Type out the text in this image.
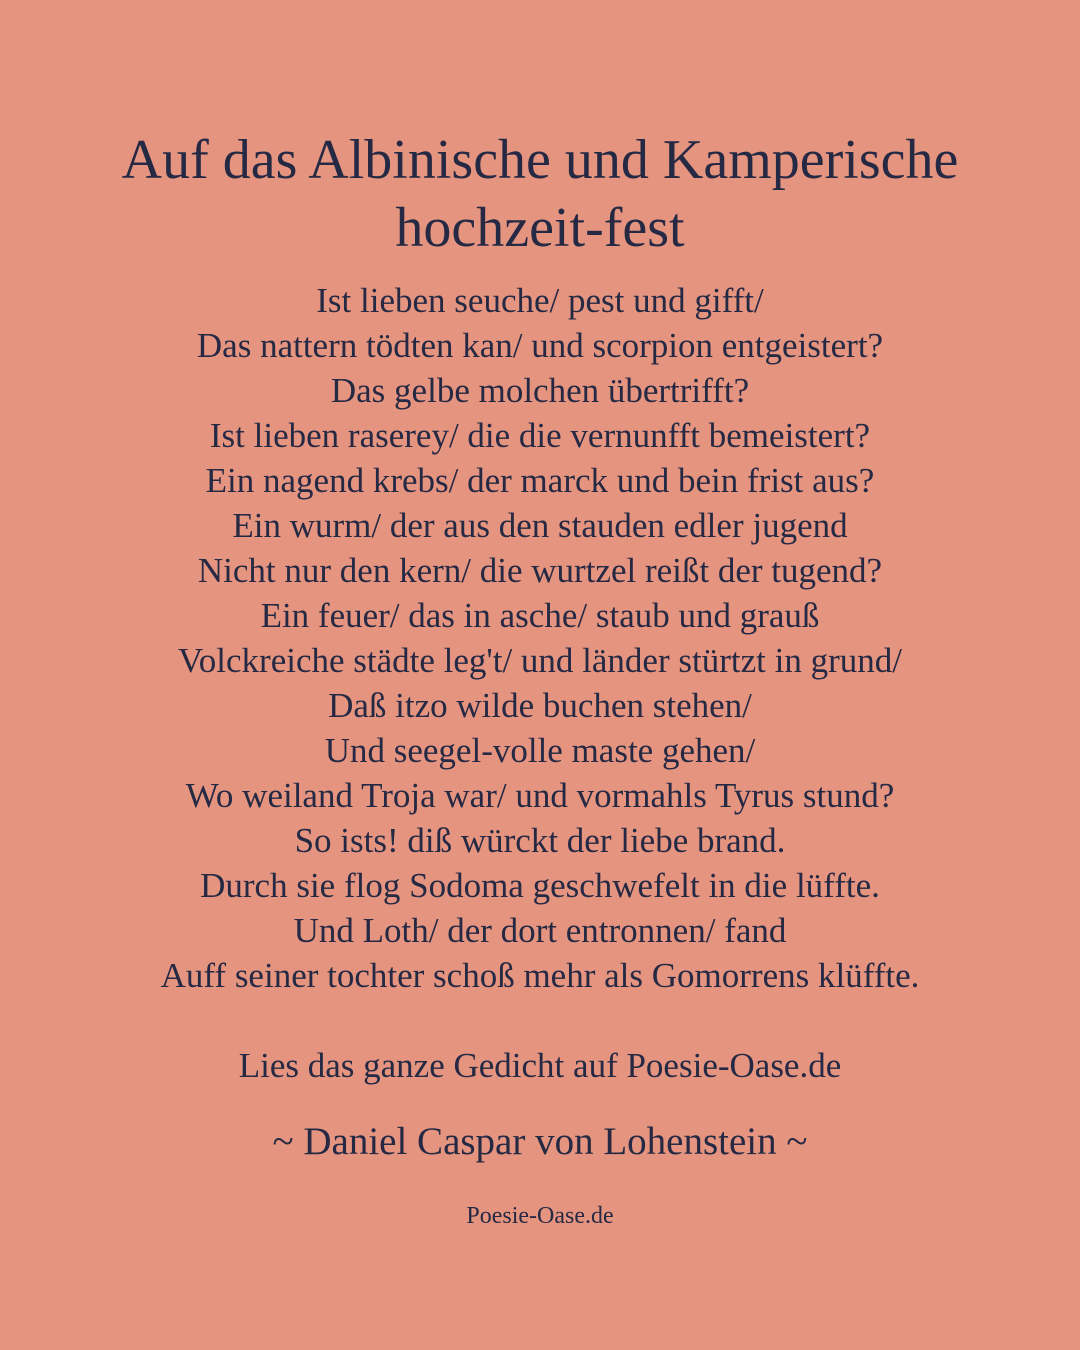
Auf das Albinische und Kamperische
hochzeit-fest
Ist lieben seuche/ pest und gifft/
Das nattern tödten kan/ und scorpion entgeistert?
Das gelbe molchen übertrifft?
Ist lieben raserey/ die die vernunfft bemeistert?
Ein nagend krebs/ der marck und bein frist aus?
Ein wurm/ der aus den stauden edler jugend
Nicht nur den kern/ die wurtzel reißt der tugend?
Ein feuer/ das in asche/ staub und grauß
Volckreiche städte leg't/ und länder stürtzt in grund/
Daß itzo wilde buchen stehen/
Und seegel-volle maste gehen/
Wo weiland Troja war/ und vormahls Tyrus stund?
So ists! diß würckt der liebe brand.
Durch sie flog Sodoma geschwefelt in die lüffte.
Und Loth/ der dort entronnen/ fand
Auff seiner tochter schoß mehr als Gomorrens klüffte.
Lies das ganze Gedicht auf Poesie-Oase.de
~ Daniel Caspar von Lohenstein ~
Poesie-Oase.de
